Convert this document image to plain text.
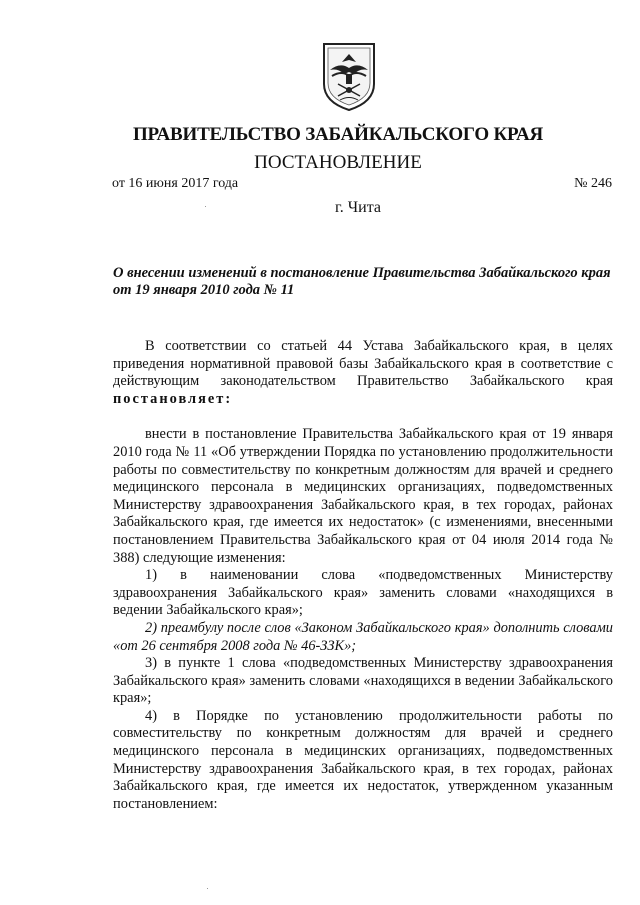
ПРАВИТЕЛЬСТВО ЗАБАЙКАЛЬСКОГО КРАЯ
ПОСТАНОВЛЕНИЕ
от 16 июня 2017 года	№ 246
г. Чита
О внесении изменений в постановление Правительства Забайкальского края от 19 января 2010 года № 11

В соответствии со статьей 44 Устава Забайкальского края, в целях приведения нормативной правовой базы Забайкальского края в соответствие с действующим законодательством Правительство Забайкальского края постановляет:

внести в постановление Правительства Забайкальского края от 19 января 2010 года № 11 «Об утверждении Порядка по установлению продолжительности работы по совместительству по конкретным должностям для врачей и среднего медицинского персонала в медицинских организациях, подведомственных Министерству здравоохранения Забайкальского края, в тех городах, районах Забайкальского края, где имеется их недостаток» (с изменениями, внесенными постановлением Правительства Забайкальского края от 04 июля 2014 года № 388) следующие изменения:

1) в наименовании слова «подведомственных Министерству здравоохранения Забайкальского края» заменить словами «находящихся в ведении Забайкальского края»;

2) преамбулу после слов «Законом Забайкальского края» дополнить словами «от 26 сентября 2008 года № 46-ЗЗК»;

3) в пункте 1 слова «подведомственных Министерству здравоохранения Забайкальского края» заменить словами «находящихся в ведении Забайкальского края»;

4) в Порядке по установлению продолжительности работы по совместительству по конкретным должностям для врачей и среднего медицинского персонала в медицинских организациях, подведомственных Министерству здравоохранения Забайкальского края, в тех городах, районах Забайкальского края, где имеется их недостаток, утвержденном указанным постановлением:
